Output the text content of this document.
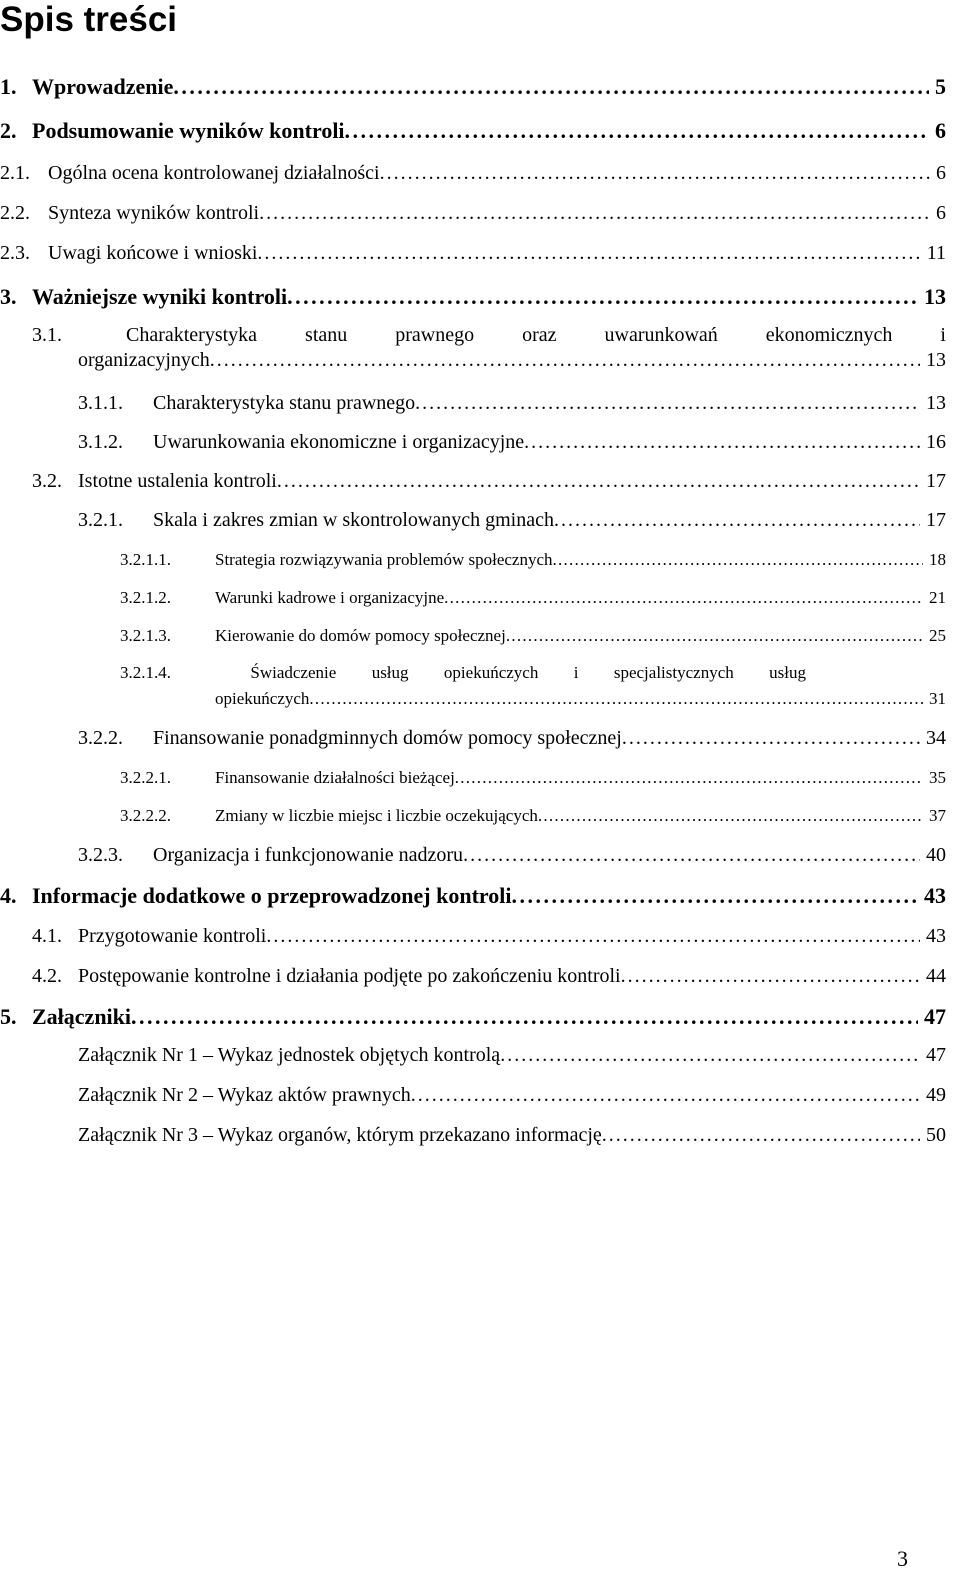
Spis treści
1. Wprowadzenie . . .	5
2. Podsumowanie wyników kontroli . . .	6
2.1. Ogólna ocena kontrolowanej działalności . . .	6
2.2. Synteza wyników kontroli . . .	6
2.3. Uwagi końcowe i wnioski . . .	11
3. Ważniejsze wyniki kontroli . . .	13
3.1.	Charakterystyka stanu prawnego oraz uwarunkowań ekonomicznych i
organizacyjnych . . .	13
3.1.1.	Charakterystyka stanu prawnego . . .	13
3.1.2.	Uwarunkowania ekonomiczne i organizacyjne . . .	16
3.2. Istotne ustalenia kontroli . . .	17
3.2.1.	Skala i zakres zmian w skontrolowanych gminach . . .	17
3.2.1.1.	Strategia rozwiązywania problemów społecznych . . .	18
3.2.1.2.	Warunki kadrowe i organizacyjne . . .	21
3.2.1.3.	Kierowanie do domów pomocy społecznej . . .	25
3.2.1.4.	Świadczenie usług opiekuńczych i specjalistycznych usług
opiekuńczych . . .	31
3.2.2.	Finansowanie ponadgminnych domów pomocy społecznej . . .	34
3.2.2.1.	Finansowanie działalności bieżącej . . .	35
3.2.2.2.	Zmiany w liczbie miejsc i liczbie oczekujących . . .	37
3.2.3.	Organizacja i funkcjonowanie nadzoru . . .	40
4. Informacje dodatkowe o przeprowadzonej kontroli . . .	43
4.1. Przygotowanie kontroli . . .	43
4.2. Postępowanie kontrolne i działania podjęte po zakończeniu kontroli . . .	44
5. Załączniki . . .	47
Załącznik Nr 1 – Wykaz jednostek objętych kontrolą . . .	47
Załącznik Nr 2 – Wykaz aktów prawnych . . .	49
Załącznik Nr 3 – Wykaz organów, którym przekazano informację . . .	50
3
